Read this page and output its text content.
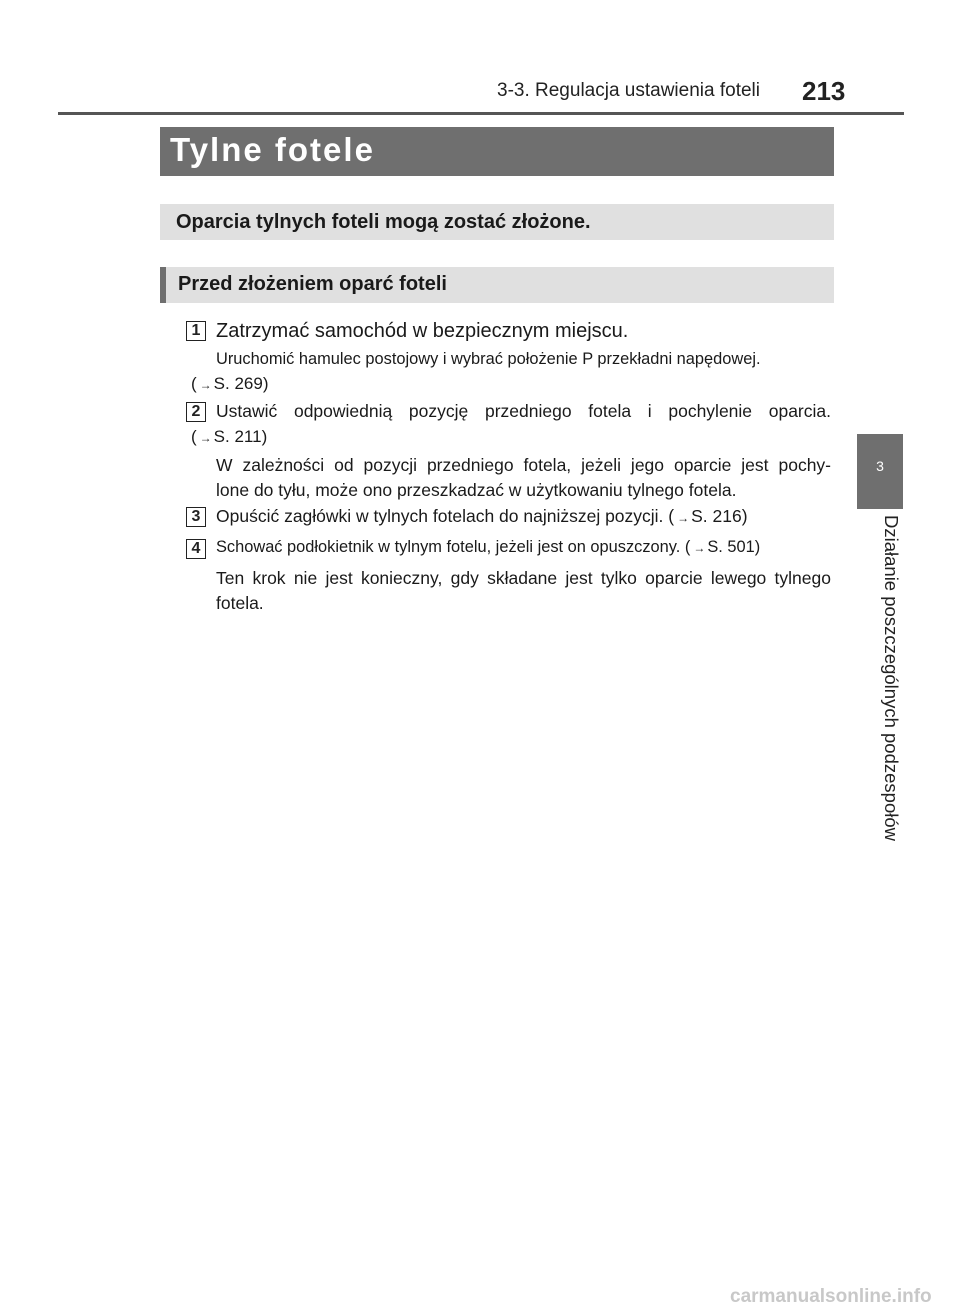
3-3. Regulacja ustawienia foteli 213
Tylne fotele
Oparcia tylnych foteli mogą zostać złożone.
Przed złożeniem oparć foteli
1 Zatrzymać samochód w bezpiecznym miejscu.
Uruchomić hamulec postojowy i wybrać położenie P przekładni napędowej.
( → S. 269)
2 Ustawić odpowiednią pozycję przedniego fotela i pochylenie oparcia.
( → S. 211)
W zależności od pozycji przedniego fotela, jeżeli jego oparcie jest pochy-
lone do tyłu, może ono przeszkadzać w użytkowaniu tylnego fotela.
3 Opuścić zagłówki w tylnych fotelach do najniższej pozycji. ( → S. 216)
4 Schować podłokietnik w tylnym fotelu, jeżeli jest on opuszczony. ( → S. 501)
Ten krok nie jest konieczny, gdy składane jest tylko oparcie lewego tylnego
fotela.
3
Działanie poszczególnych podzespołów
carmanualsonline.info
